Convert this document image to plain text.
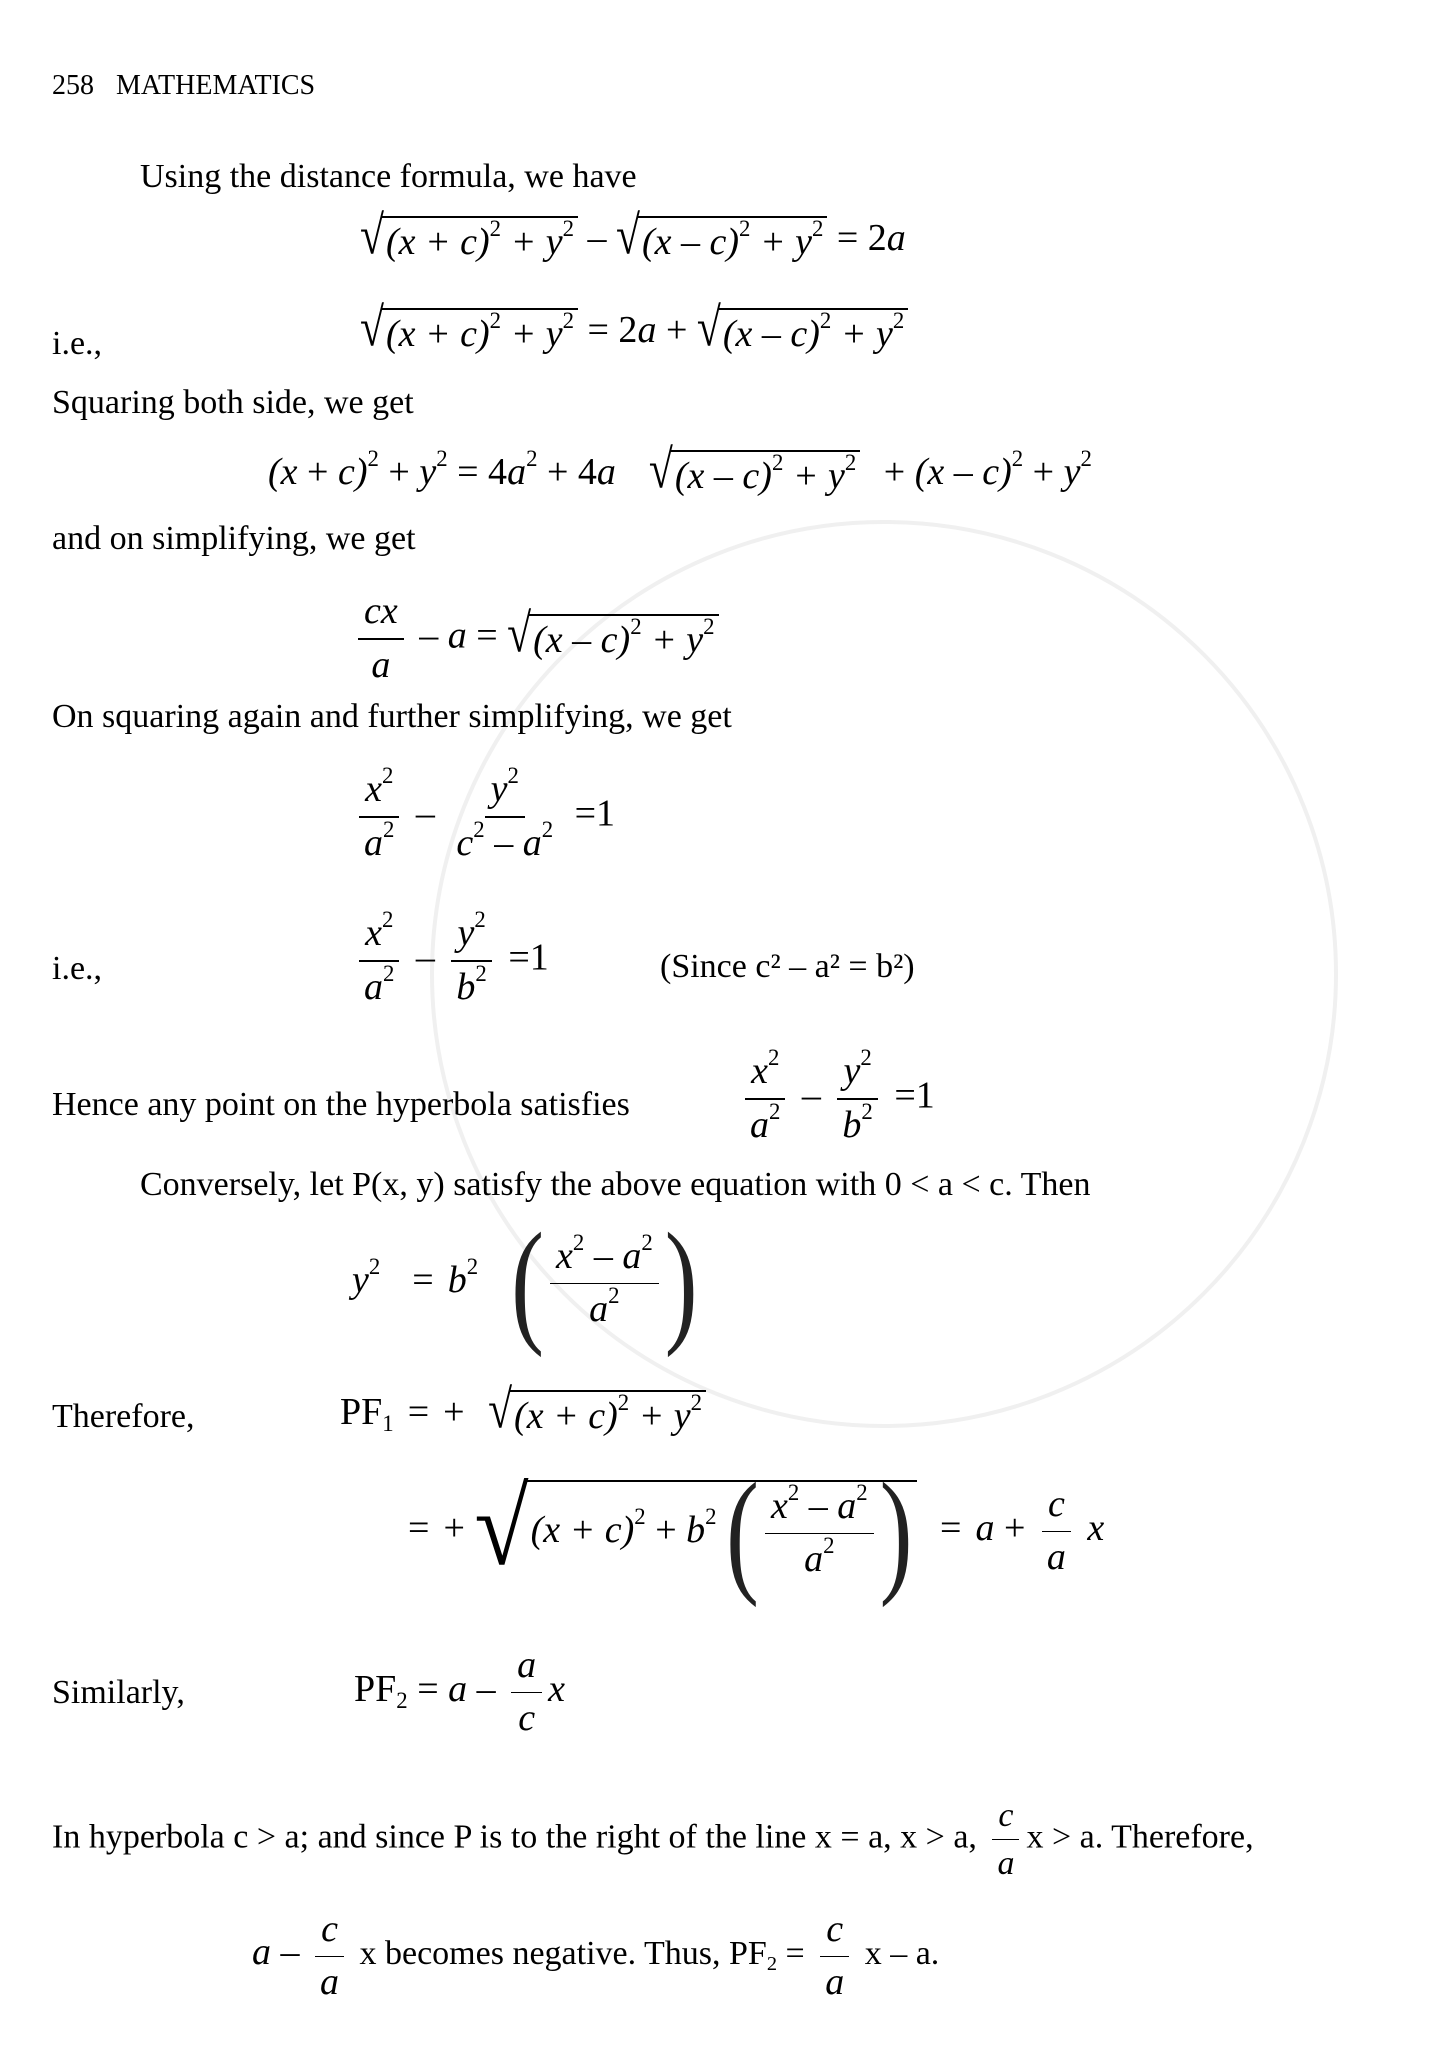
258 MATHEMATICS
Using the distance formula, we have
√ $(x + c)^2 + y^2$ – √ $(x - c)^2 + y^2 = 2a$
i.e.,	√ $(x + c)^2 + y^2 = 2a$ + √ $(x - c)^2 + y^2$
Squaring both side, we get
$(x + c)^2 + y^2 = 4a^2 + 4a$ √ $(x - c)^2 + y^2 + (x - c)^2 + y^2$
and on simplifying, we get
$\frac{cx}{a}$ – a = √ $(x - c)^2 + y^2$
On squaring again and further simplifying, we get
$\frac{x^2}{a^2} - \frac{y^2}{c^2 - a^2} =1$
i.e.,	$\frac{x^2}{a^2} - \frac{y^2}{b^2} =1$	(Since c² – a² = b²)
Hence any point on the hyperbola satisfies	$\frac{x^2}{a^2} - \frac{y^2}{b^2} =1$
Conversely, let P(x, y) satisfy the above equation with 0 < a < c. Then
$y^2 = b^2$ ( $\frac{x^2 - a^2}{a^2}$ )
Therefore,	$PF_1$ = + √ $(x + c)^2 + y^2$
= + √ $(x + c)^2 + b^2$ ( $\frac{x^2 - a^2}{a^2}$ ) = $a + \frac{c}{a}$ x
Similarly,	$PF_2 = a - \frac{a}{c}$ x
In hyperbola c > a; and since P is to the right of the line x = a, x > a, $\frac{c}{a}$ x > a. Therefore,
a – $\frac{c}{a}$ x becomes negative. Thus, $PF_2 = \frac{c}{a}$ x – a.
